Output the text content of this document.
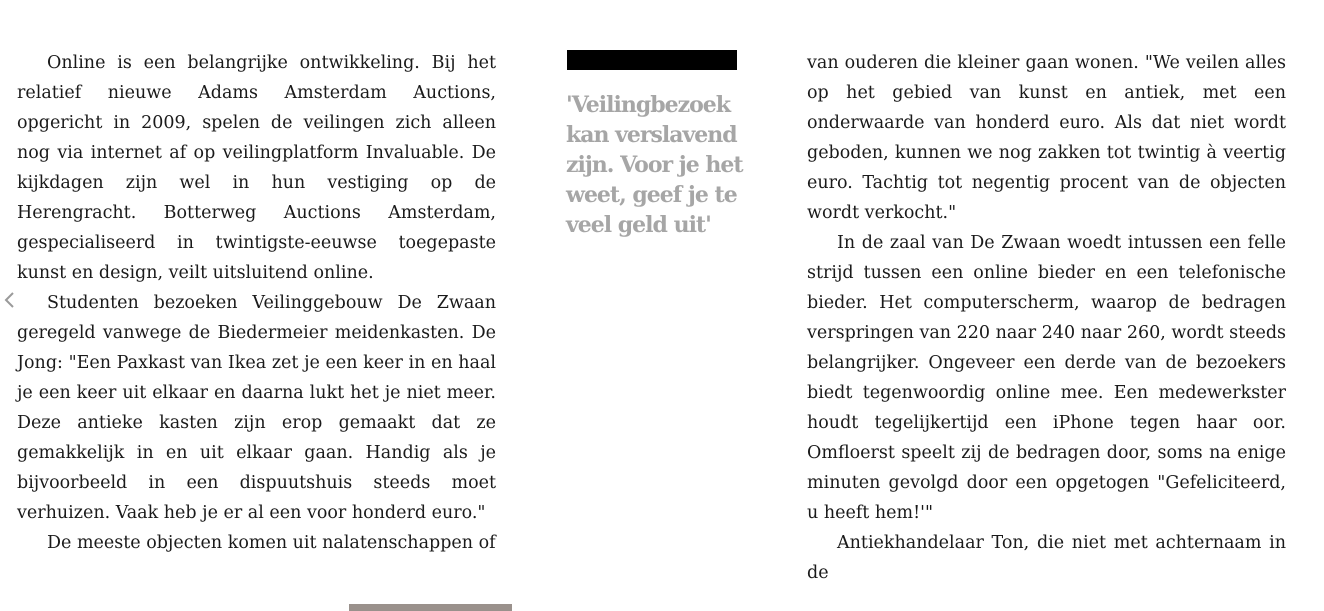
Online is een belangrijke ontwikkeling. Bij het relatief nieuwe Adams Amsterdam Auctions, opgericht in 2009, spelen de veilingen zich alleen nog via internet af op veilingplatform Invaluable. De kijkdagen zijn wel in hun vestiging op de Herengracht. Botterweg Auctions Amsterdam, gespecialiseerd in twintigste-eeuwse toegepaste kunst en design, veilt uitsluitend online.

Studenten bezoeken Veilinggebouw De Zwaan geregeld vanwege de Biedermeier meidenkasten. De Jong: "Een Paxkast van Ikea zet je een keer in en haal je een keer uit elkaar en daarna lukt het je niet meer. Deze antieke kasten zijn erop gemaakt dat ze gemakkelijk in en uit elkaar gaan. Handig als je bijvoorbeeld in een dispuutshuis steeds moet verhuizen. Vaak heb je er al een voor honderd euro."

De meeste objecten komen uit nalatenschappen of

'Veilingbezoek kan verslavend zijn. Voor je het weet, geef je te veel geld uit'

van ouderen die kleiner gaan wonen. "We veilen alles op het gebied van kunst en antiek, met een onderwaarde van honderd euro. Als dat niet wordt geboden, kunnen we nog zakken tot twintig à veertig euro. Tachtig tot negentig procent van de objecten wordt verkocht."

In de zaal van De Zwaan woedt intussen een felle strijd tussen een online bieder en een telefonische bieder. Het computerscherm, waarop de bedragen verspringen van 220 naar 240 naar 260, wordt steeds belangrijker. Ongeveer een derde van de bezoekers biedt tegenwoordig online mee. Een medewerkster houdt tegelijkertijd een iPhone tegen haar oor. Omfloerst speelt zij de bedragen door, soms na enige minuten gevolgd door een opgetogen "Gefeliciteerd, u heeft hem!'"

Antiekhandelaar Ton, die niet met achternaam in de
